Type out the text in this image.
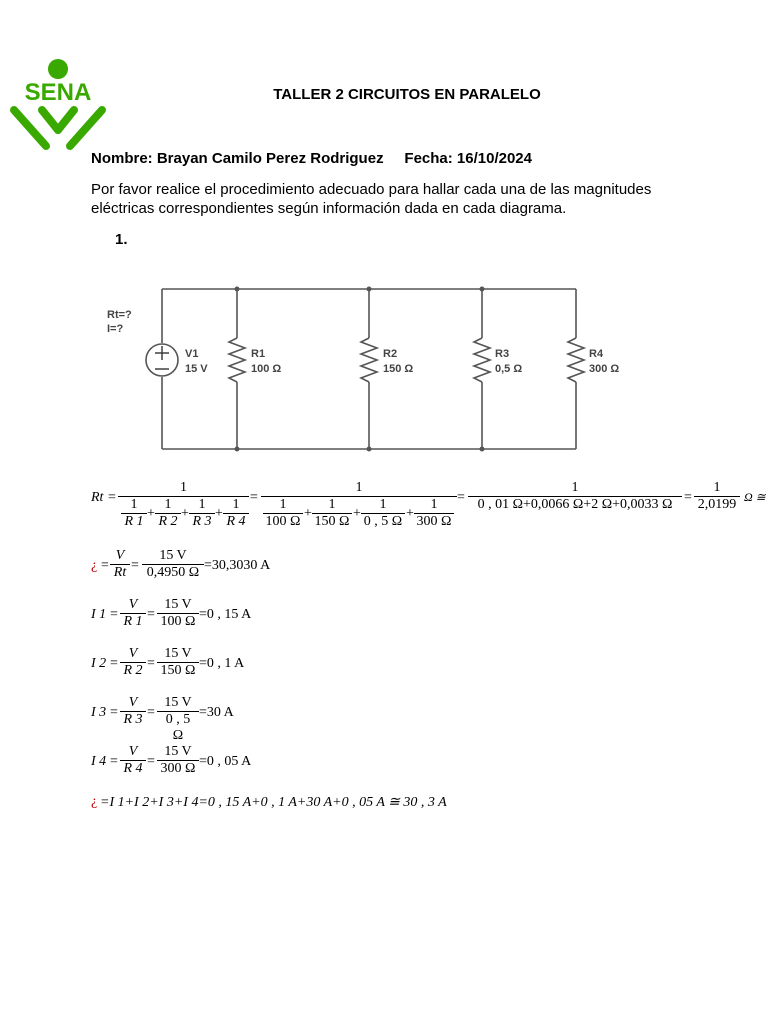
SENA	TALLER 2 CIRCUITOS EN PARALELO
Nombre: Brayan Camilo Perez Rodriguez     Fecha: 16/10/2024
Por favor realice el procedimiento adecuado para hallar cada una de las magnitudes eléctricas correspondientes según información dada en cada diagrama.
1.
Rt=?
I=?
V1
15 V
R1
100 Ω
R2
150 Ω
R3
0,5 Ω
R4
300 Ω
Rt =
1
1
R 1
+
1
R 2
+
1
R 3
+
1
R 4
=
1
1
100 Ω
+
1
150 Ω
+
1
0 , 5 Ω
+
1
300 Ω
= $\frac{1}{0 , 01 \Omega+0,0066 \Omega+2 \Omega+0,0033 \Omega} = \frac{1}{2,0199}$ Ω ≅
¿ = $\frac{V}{Rt} = \frac{15 V}{0,4950 \Omega} =30,3030$ A
I $1 = \frac{V}{R 1} = \frac{15 V}{100 \Omega} =0$ , 15 A
I $2 = \frac{V}{R 2} = \frac{15 V}{150 \Omega} =0$ , 1 A
I $3 = \frac{V}{R 3} = \frac{15 V}{0 , 5 \Omega} =30$ A
I $4 = \frac{V}{R 4} = \frac{15 V}{300 \Omega} =0$ , 05 A
¿ =I 1+I 2+I 3+I 4=0 , 15 A+0 , 1 A+30 A+0 , 05 A ≅ 30 , 3 A
